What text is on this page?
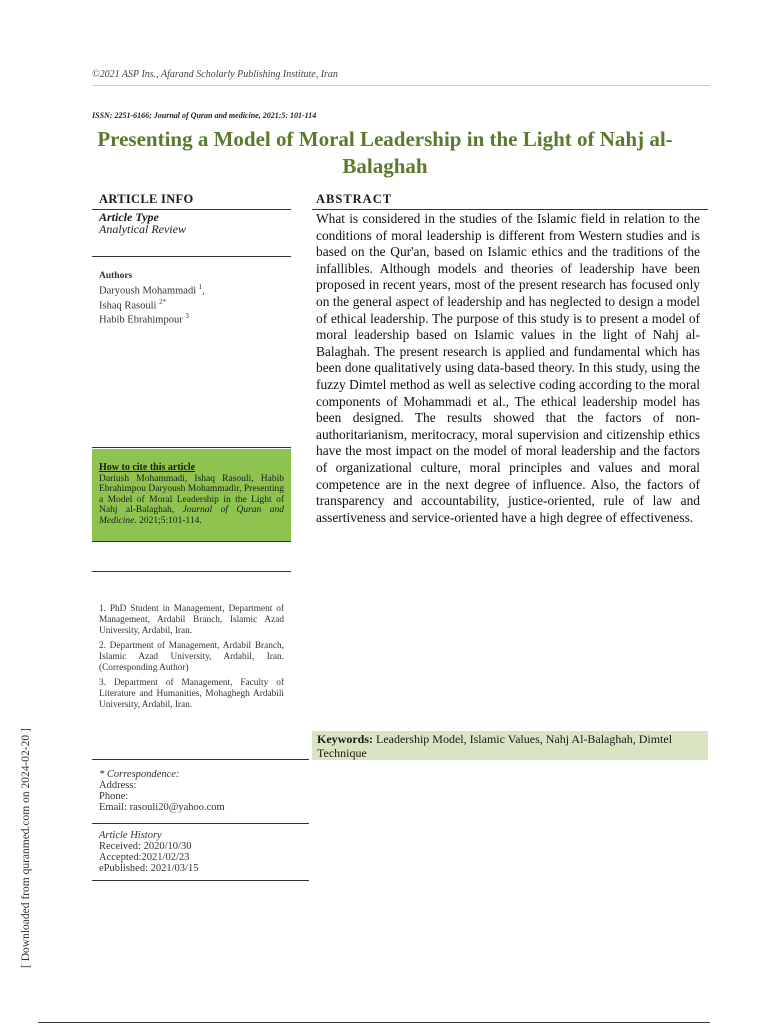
©2021 ASP Ins., Afarand Scholarly Publishing Institute, Iran
ISSN: 2251-6166; Journal of Quran and medicine, 2021:5: 101-114
Presenting a Model of Moral Leadership in the Light of Nahj al-
Balaghah
ARTICLE INFO
Article Type
Analytical Review
Authors
Daryoush Mohammadi $^1$,
Ishaq Rasouli $^{2*}$
Habib Ebrahimpour $^3$
How to cite this article
Dariush Mohammadi, Ishaq Rasouli, Habib Ebrahimpou Daryoush Mohammadir, Presenting a Model of Moral Leadership in the Light of Nahj al-Balaghah, Journal of Quran and Medicine. 2021;5:101-114.
1. PhD Student in Management, Department of Management, Ardabil Branch, Islamic Azad University, Ardabil, Iran.
2. Department of Management, Ardabil Branch, Islamic Azad University, Ardabil, Iran. (Corresponding Author)
3. Department of Management, Faculty of Literature and Humanities, Mohaghegh Ardabili University, Ardabil, Iran.
* Correspondence:
Address:
Phone:
Email: rasouli20@yahoo.com
Article History
Received: 2020/10/30
Accepted:2021/02/23
ePublished: 2021/03/15
ABSTRACT
What is considered in the studies of the Islamic field in relation to the conditions of moral leadership is different from Western studies and is based on the Qur'an, based on Islamic ethics and the traditions of the infallibles. Although models and theories of leadership have been proposed in recent years, most of the present research has focused only on the general aspect of leadership and has neglected to design a model of ethical leadership. The purpose of this study is to present a model of moral leadership based on Islamic values in the light of Nahj al-Balaghah. The present research is applied and fundamental which has been done qualitatively using data-based theory. In this study, using the fuzzy Dimtel method as well as selective coding according to the moral components of Mohammadi et al., The ethical leadership model has been designed. The results showed that the factors of non-authoritarianism, meritocracy, moral supervision and citizenship ethics have the most impact on the model of moral leadership and the factors of organizational culture, moral principles and values and moral competence are in the next degree of influence. Also, the factors of transparency and accountability, justice-oriented, rule of law and assertiveness and service-oriented have a high degree of effectiveness.
Keywords: Leadership Model, Islamic Values, Nahj Al-Balaghah, Dimtel Technique
[ Downloaded from quranmed.com on 2024-02-20 ]
